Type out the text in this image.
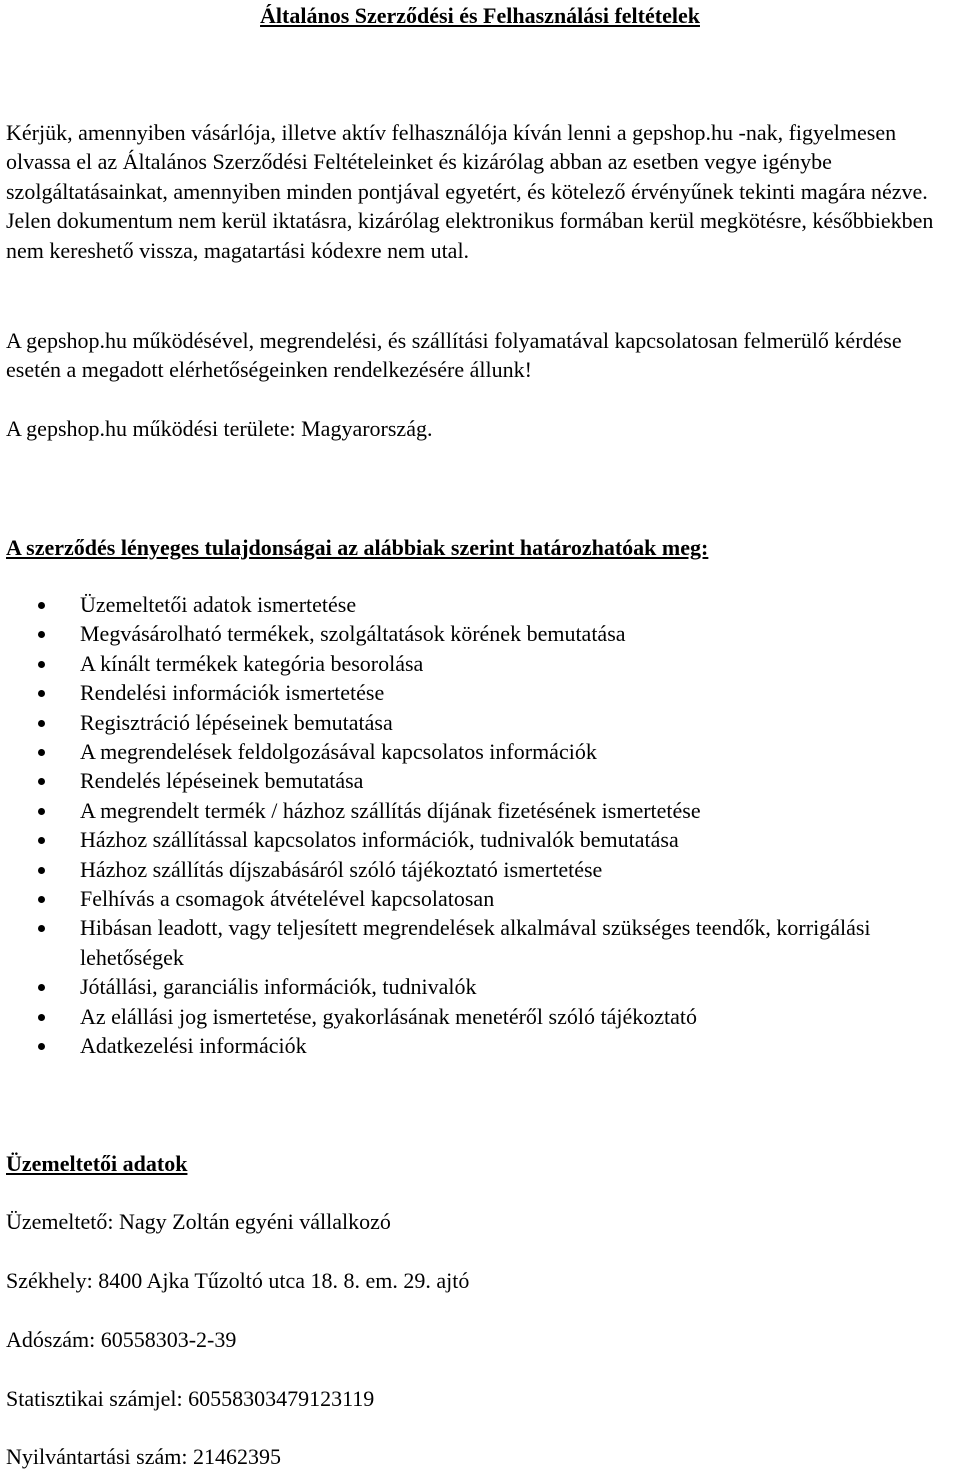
Általános Szerződési és Felhasználási feltételek

Kérjük, amennyiben vásárlója, illetve aktív felhasználója kíván lenni a gepshop.hu -nak, figyelmesen olvassa el az Általános Szerződési Feltételeinket és kizárólag abban az esetben vegye igénybe szolgáltatásainkat, amennyiben minden pontjával egyetért, és kötelező érvényűnek tekinti magára nézve. Jelen dokumentum nem kerül iktatásra, kizárólag elektronikus formában kerül megkötésre, későbbiekben nem kereshető vissza, magatartási kódexre nem utal.

A gepshop.hu működésével, megrendelési, és szállítási folyamatával kapcsolatosan felmerülő kérdése esetén a megadott elérhetőségeinken rendelkezésére állunk!

A gepshop.hu működési területe: Magyarország.

A szerződés lényeges tulajdonságai az alábbiak szerint határozhatóak meg:
Üzemeltetői adatok ismertetése
Megvásárolható termékek, szolgáltatások körének bemutatása
A kínált termékek kategória besorolása
Rendelési információk ismertetése
Regisztráció lépéseinek bemutatása
A megrendelések feldolgozásával kapcsolatos információk
Rendelés lépéseinek bemutatása
A megrendelt termék / házhoz szállítás díjának fizetésének ismertetése
Házhoz szállítással kapcsolatos információk, tudnivalók bemutatása
Házhoz szállítás díjszabásáról szóló tájékoztató ismertetése
Felhívás a csomagok átvételével kapcsolatosan
Hibásan leadott, vagy teljesített megrendelések alkalmával szükséges teendők, korrigálási lehetőségek
Jótállási, garanciális információk, tudnivalók
Az elállási jog ismertetése, gyakorlásának menetéről szóló tájékoztató
Adatkezelési információk
Üzemeltetői adatok

Üzemeltető: Nagy Zoltán egyéni vállalkozó

Székhely: 8400 Ajka Tűzoltó utca 18. 8. em. 29. ajtó

Adószám: 60558303-2-39

Statisztikai számjel: 60558303479123119

Nyilvántartási szám: 21462395
